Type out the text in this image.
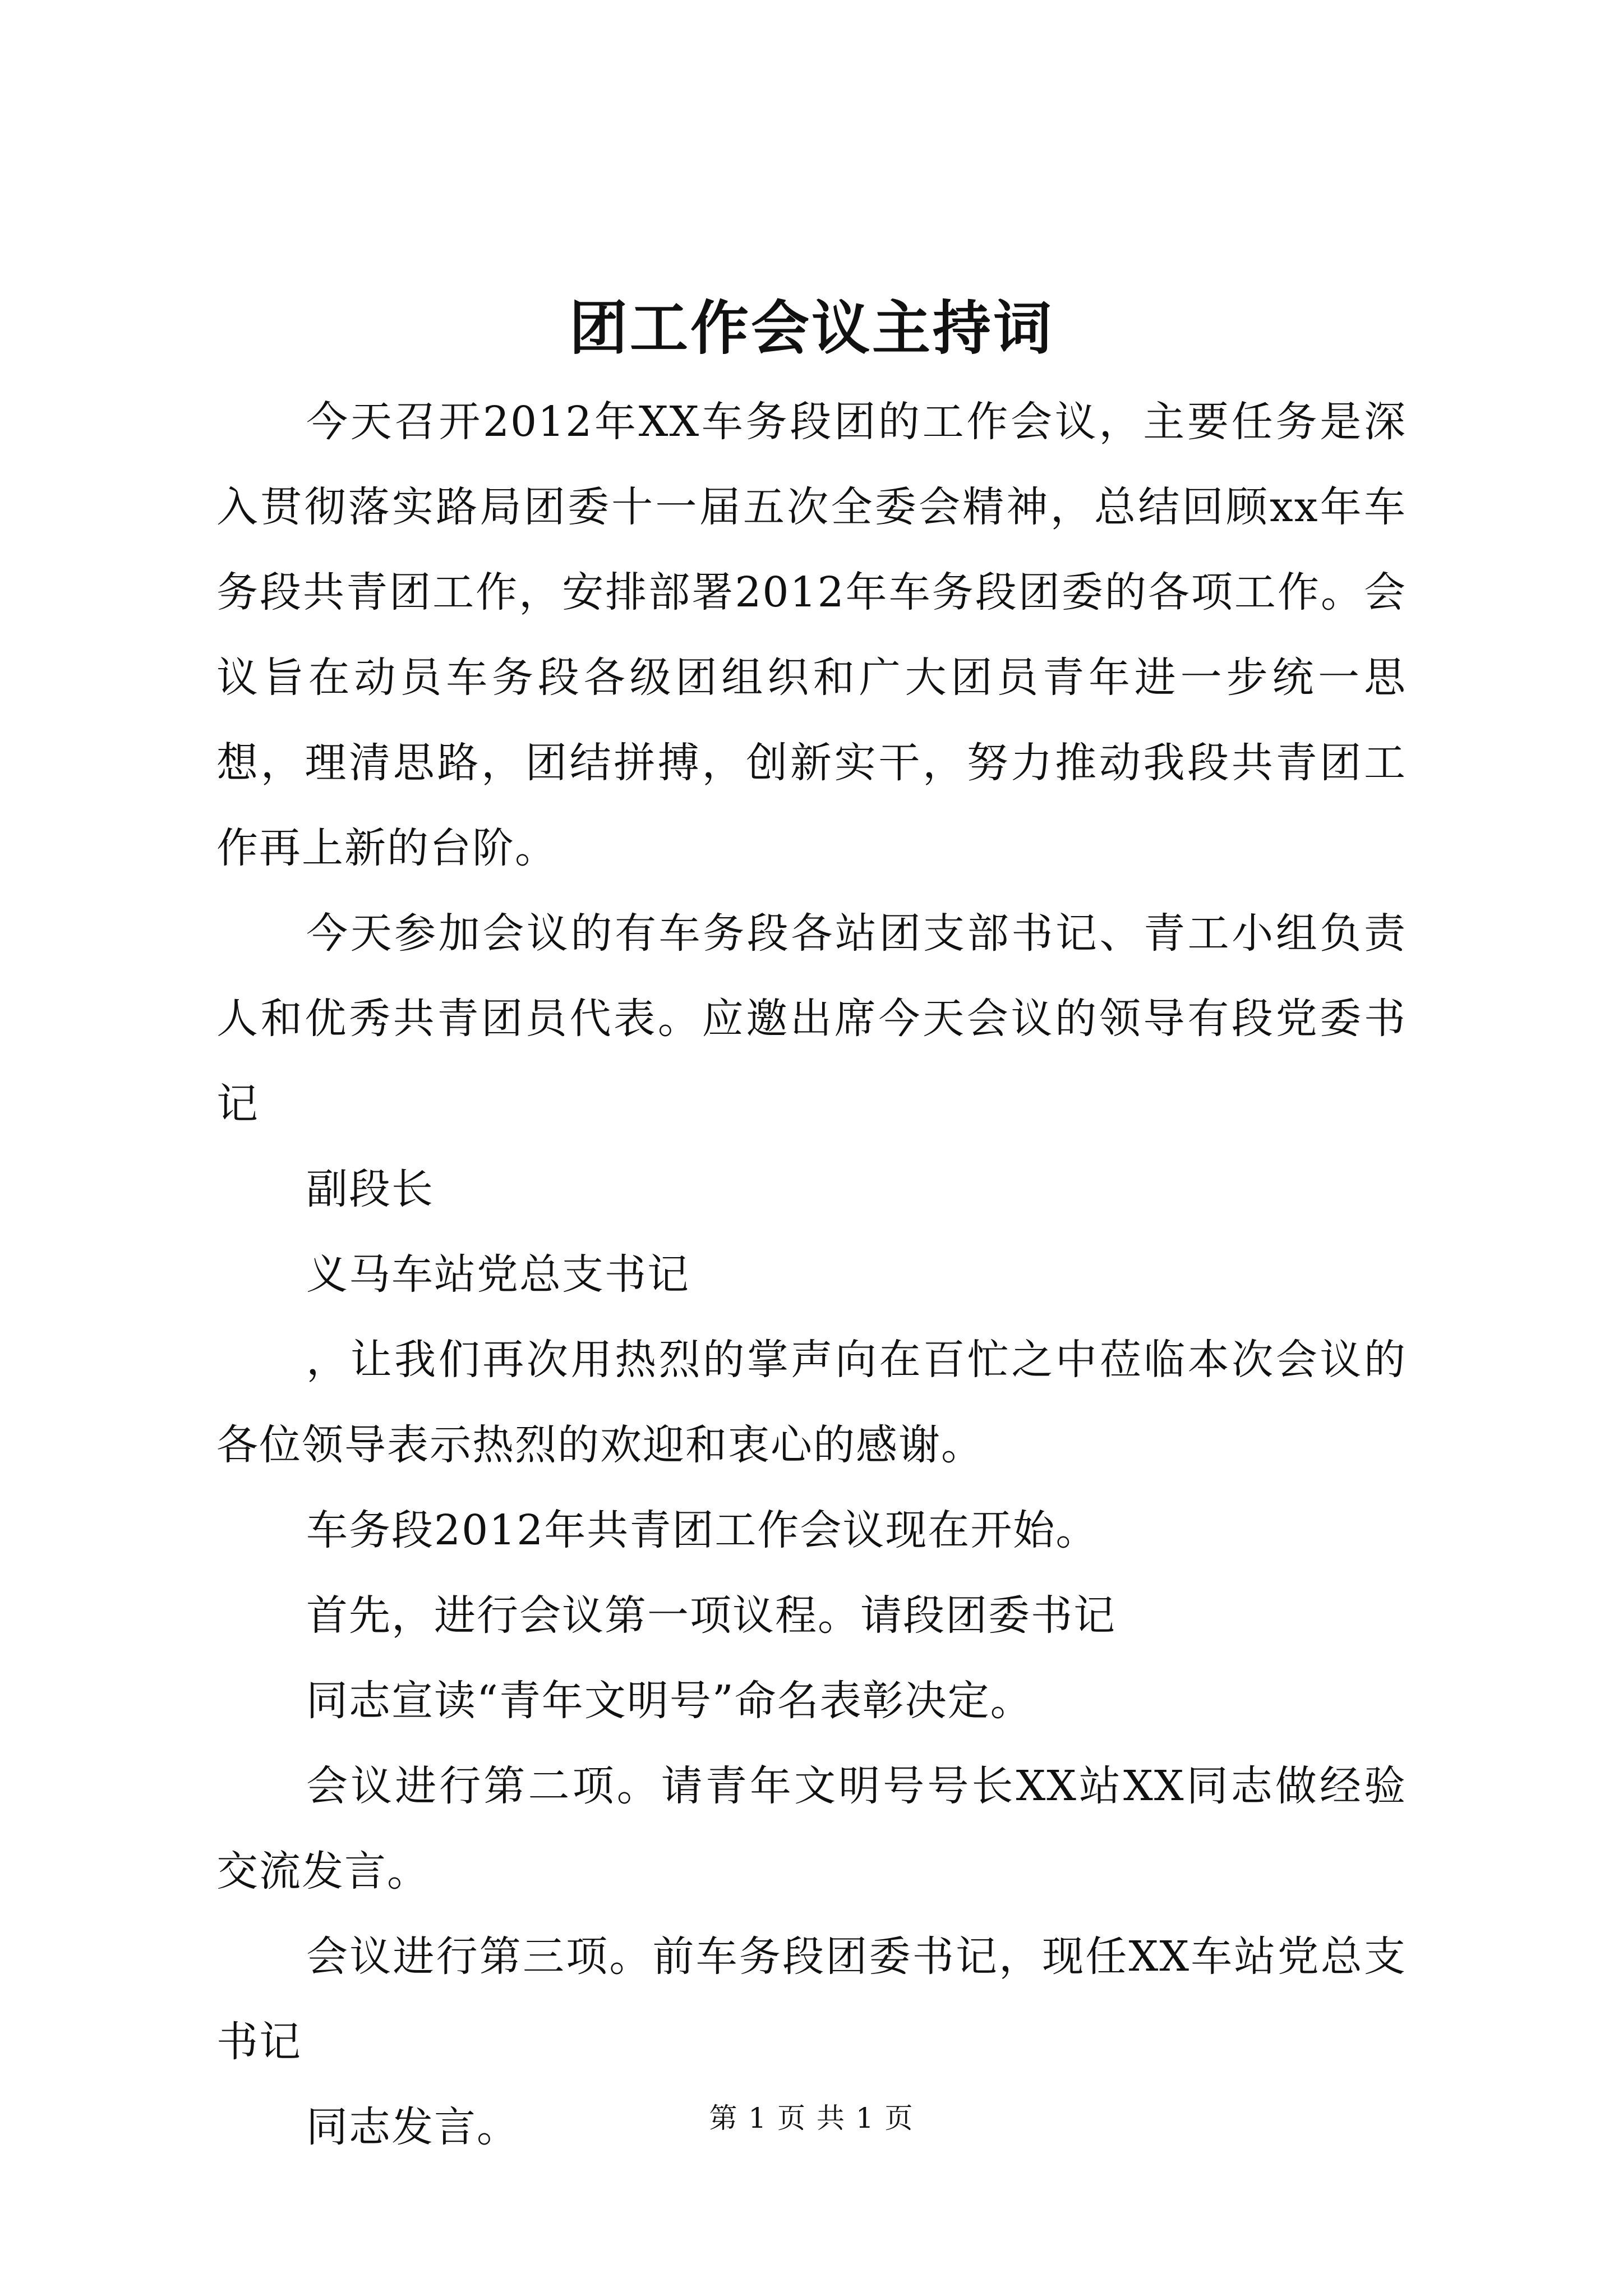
团工作会议主持词

今天召开2012年XX车务段团的工作会议，主要任务是深入贯彻落实路局团委十一届五次全委会精神，总结回顾xx年车务段共青团工作，安排部署2012年车务段团委的各项工作。会议旨在动员车务段各级团组织和广大团员青年进一步统一思想，理清思路，团结拼搏，创新实干，努力推动我段共青团工作再上新的台阶。

今天参加会议的有车务段各站团支部书记、青工小组负责人和优秀共青团员代表。应邀出席今天会议的领导有段党委书记

副段长

义马车站党总支书记

，让我们再次用热烈的掌声向在百忙之中莅临本次会议的各位领导表示热烈的欢迎和衷心的感谢。

车务段2012年共青团工作会议现在开始。

首先，进行会议第一项议程。请段团委书记

同志宣读“青年文明号”命名表彰决定。

会议进行第二项。请青年文明号号长XX站XX同志做经验交流发言。

会议进行第三项。前车务段团委书记，现任XX车站党总支书记

同志发言。	第 1 页 共 1 页
